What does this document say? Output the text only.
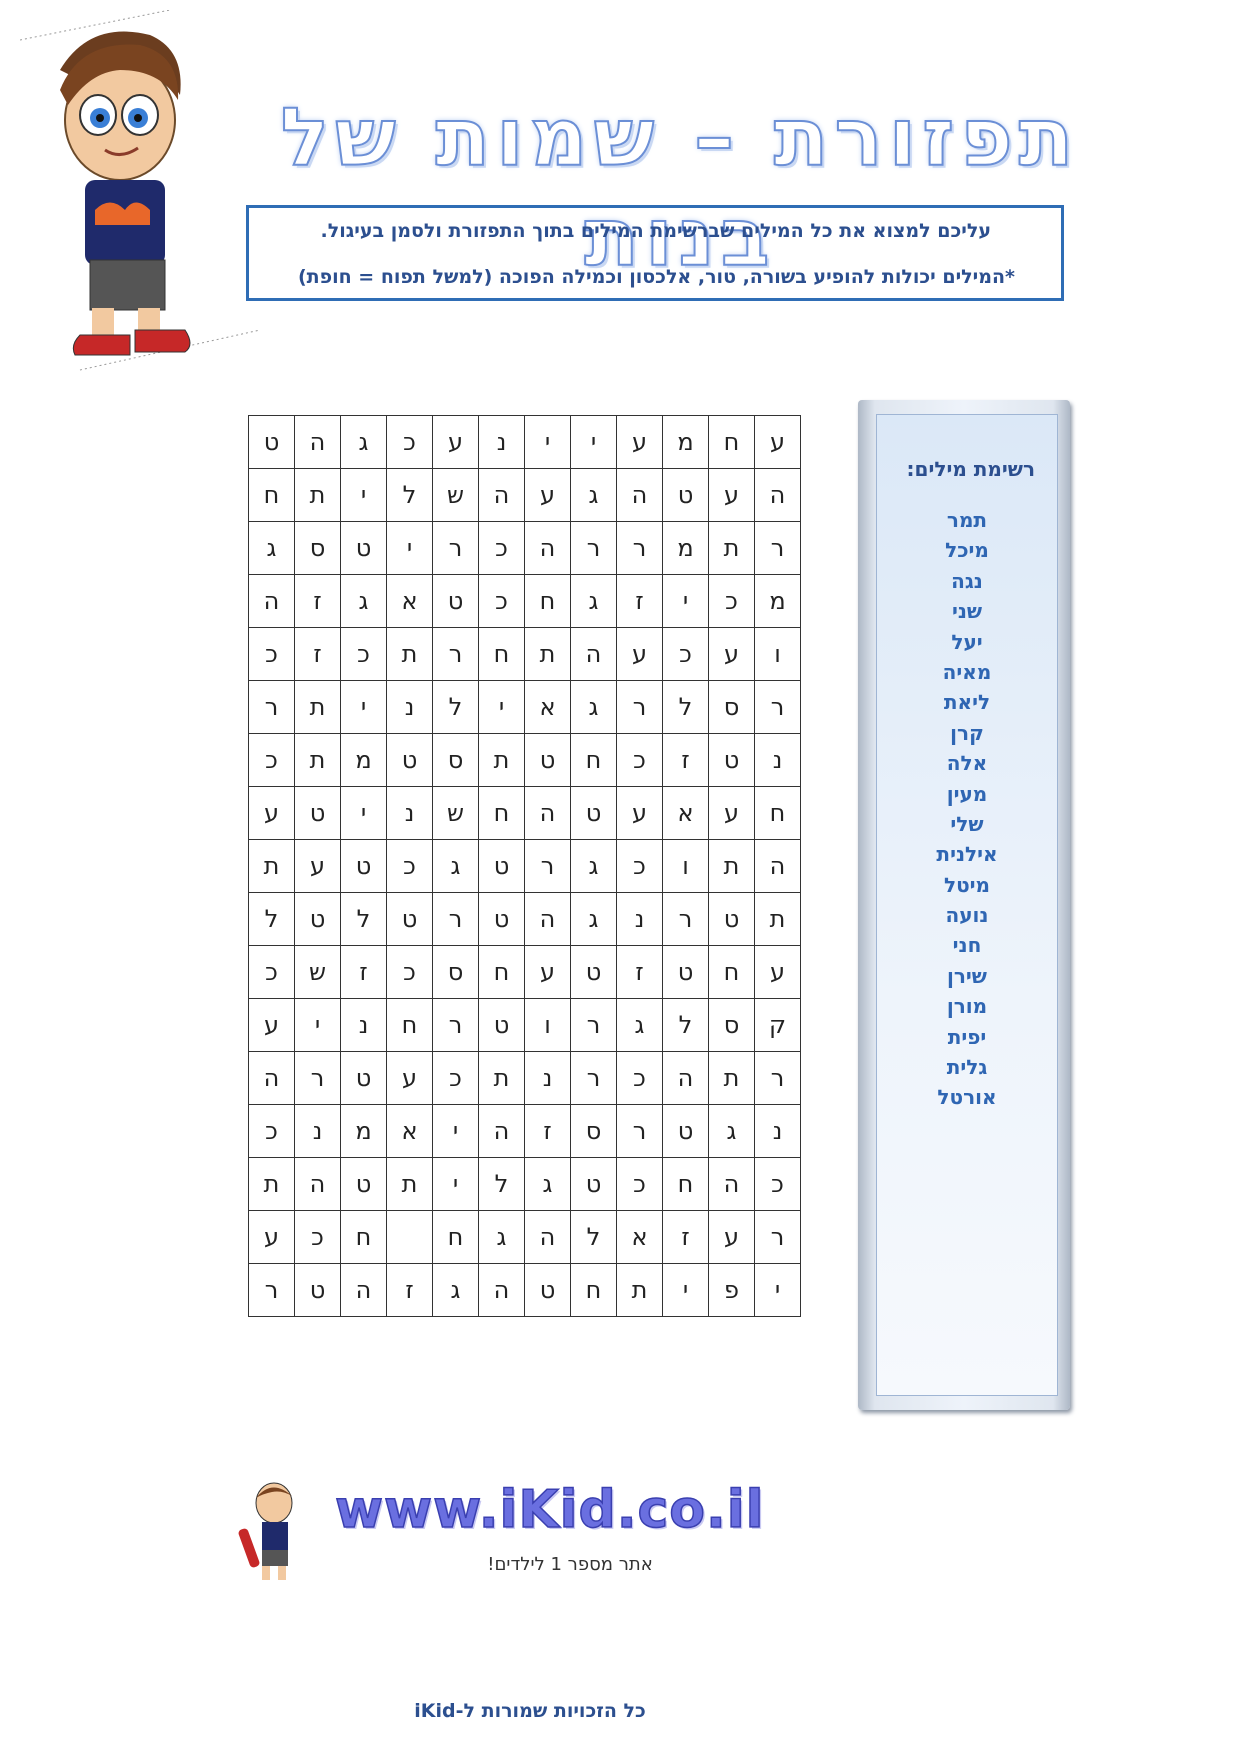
תפזורת – שמות של בנות
עליכם למצוא את כל המילים שברשימת המילים בתוך התפזורת ולסמן בעיגול.
*המילים יכולות להופיע בשורה, טור, אלכסון וכמילה הפוכה (למשל תפוח = חופת)
ע	ח	מ	ע	י	י	נ	ע	כ	ג	ה	ט
ה	ע	ט	ה	ג	ע	ה	ש	ל	י	ת	ח
ר	ת	מ	ר	ר	ה	כ	ר	י	ט	ס	ג
מ	כ	י	ז	ג	ח	כ	ט	א	ג	ז	ה
ו	ע	כ	ע	ה	ת	ח	ר	ת	כ	ז	כ
ר	ס	ל	ר	ג	א	י	ל	נ	י	ת	ר
נ	ט	ז	כ	ח	ט	ת	ס	ט	מ	ת	כ
ח	ע	א	ע	ט	ה	ח	ש	נ	י	ט	ע
ה	ת	ו	כ	ג	ר	ט	ג	כ	ט	ע	ת
ת	ט	ר	נ	ג	ה	ט	ר	ט	ל	ט	ל
ע	ח	ט	ז	ט	ע	ח	ס	כ	ז	ש	כ
ק	ס	ל	ג	ר	ו	ט	ר	ח	נ	י	ע
ר	ת	ה	כ	ר	נ	ת	כ	ע	ט	ר	ה
נ	ג	ט	ר	ס	ז	ה	י	א	מ	נ	כ
כ	ה	ח	כ	ט	ג	ל	י	ת	ט	ה	ת
ר	ע	ז	א	ל	ה	ג	ח		ח	כ	ע
י	פ	י	ת	ח	ט	ה	ג	ז	ה	ט	ר
רשימת מילים:
תמר
מיכל
נגה
שני
יעל
מאיה
ליאת
קרן
אלה
מעין
שלי
אילנית
מיטל
נועה
חני
שירן
מורן
יפית
גלית
אורטל
www.iKid.co.il
אתר מספר 1 לילדים!
כל הזכויות שמורות ל-iKid
